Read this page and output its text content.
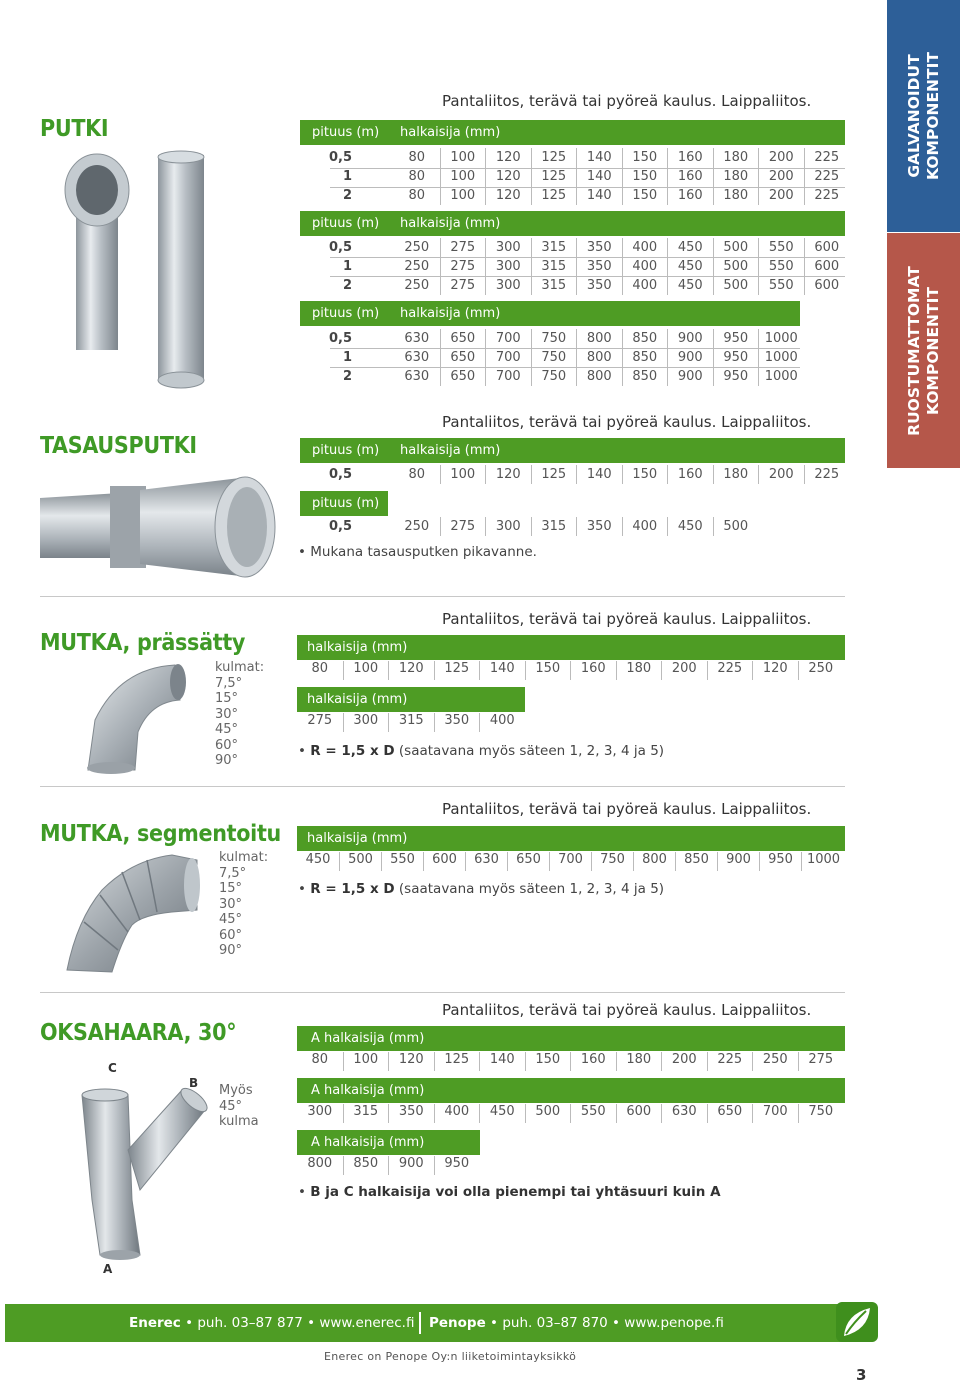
GALVANOIDUT KOMPONENTIT
RUOSTUMATTOMAT KOMPONENTIT
PUTKI
Pantaliitos, terävä tai pyöreä kaulus. Laippaliitos.
pituus (m) halkaisija (mm)
0,5	80	100	120	125	140	150	160	180	200	225
1	80	100	120	125	140	150	160	180	200	225
2	80	100	120	125	140	150	160	180	200	225
pituus (m) halkaisija (mm)
0,5	250	275	300	315	350	400	450	500	550	600
1	250	275	300	315	350	400	450	500	550	600
2	250	275	300	315	350	400	450	500	550	600
pituus (m) halkaisija (mm)
0,5	630	650	700	750	800	850	900	950	1000
1	630	650	700	750	800	850	900	950	1000
2	630	650	700	750	800	850	900	950	1000
TASAUSPUTKI
Pantaliitos, terävä tai pyöreä kaulus. Laippaliitos.
pituus (m) halkaisija (mm)
0,5	80	100	120	125	140	150	160	180	200	225
pituus (m)
0,5	250	275	300	315	350	400	450	500
• Mukana tasausputken pikavanne.
MUTKA, prässätty
Pantaliitos, terävä tai pyöreä kaulus. Laippaliitos.
kulmat:
7,5°
15°
30°
45°
60°
90°
halkaisija (mm)
80	100	120	125	140	150	160	180	200	225	120	250
halkaisija (mm)
275	300	315	350	400
• R = 1,5 x D (saatavana myös säteen 1, 2, 3, 4 ja 5)
MUTKA, segmentoitu
Pantaliitos, terävä tai pyöreä kaulus. Laippaliitos.
kulmat:
7,5°
15°
30°
45°
60°
90°
halkaisija (mm)
450	500	550	600	630	650	700	750	800	850	900	950	1000
• R = 1,5 x D (saatavana myös säteen 1, 2, 3, 4 ja 5)
OKSAHAARA, 30°
Pantaliitos, terävä tai pyöreä kaulus. Laippaliitos.
C
B
A
Myös
45°
kulma
A halkaisija (mm)
80	100	120	125	140	150	160	180	200	225	250	275
A halkaisija (mm)
300	315	350	400	450	500	550	600	630	650	700	750
A halkaisija (mm)
800	850	900	950
• B ja C halkaisija voi olla pienempi tai yhtäsuuri kuin A
Enerec • puh. 03–87 877 • www.enerec.fi Penope • puh. 03–87 870 • www.penope.fi
Enerec on Penope Oy:n liiketoimintayksikkö
3
